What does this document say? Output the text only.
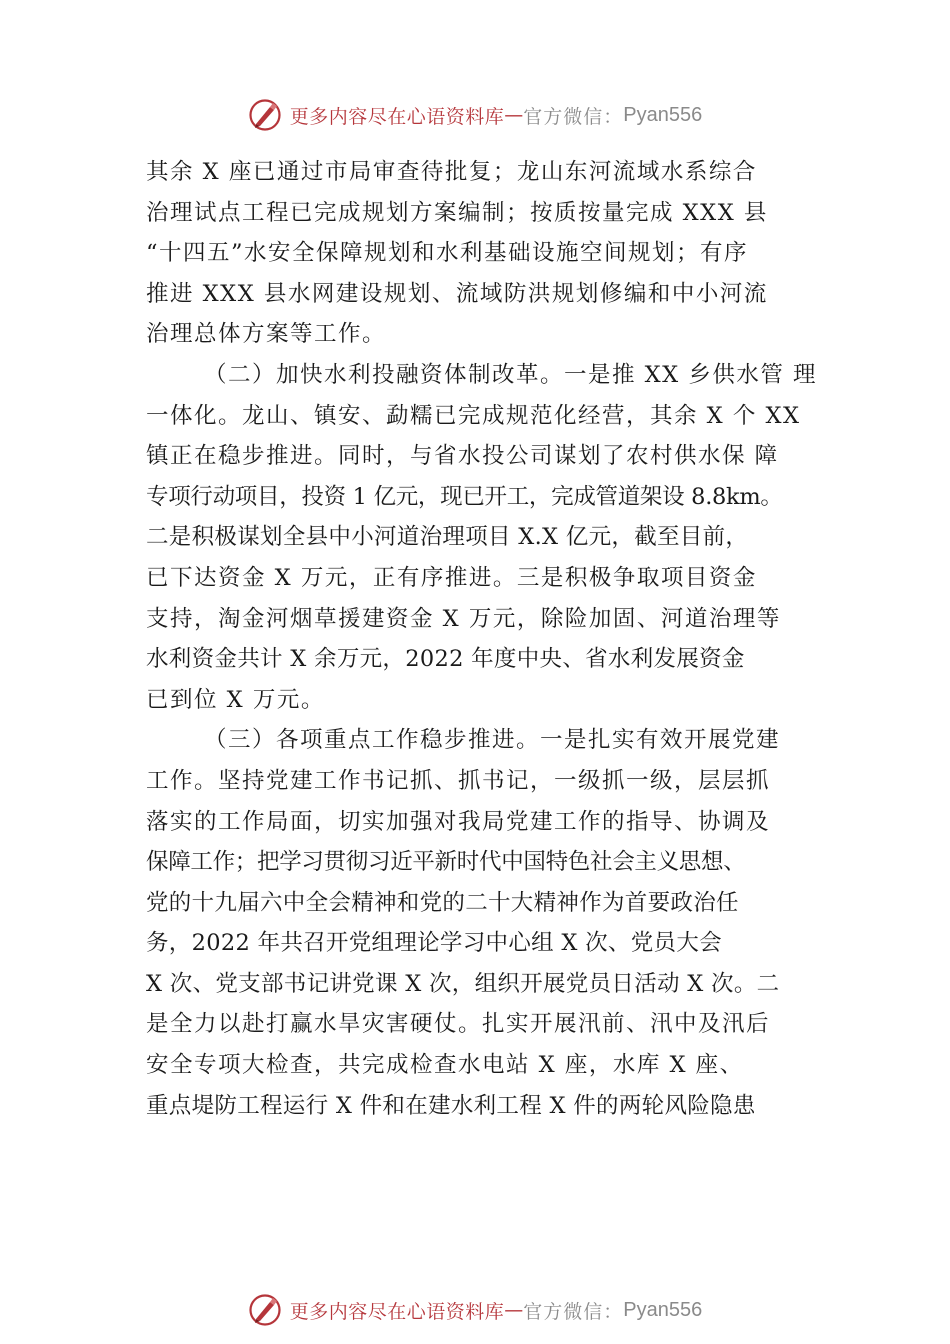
更多内容尽在心语资料库 — 官方微信： Pyan556
其余 X 座已通过市局审查待批复；龙山东河流域水系综合
治理试点工程已完成规划方案编制；按质按量完成 XXX 县
“十四五”水安全保障规划和水利基础设施空间规划；有序
推进 XXX 县水网建设规划、流域防洪规划修编和中小河流
治理总体方案等工作。
（二）加快水利投融资体制改革。一是推 XX 乡供水管 理
一体化。龙山、镇安、勐糯已完成规范化经营，其余 X 个 XX
镇正在稳步推进。同时，与省水投公司谋划了农村供水保 障
专项行动项目，投资 1 亿元，现已开工，完成管道架设 8.8km。
二是积极谋划全县中小河道治理项目 X.X 亿元，截至目前，
已下达资金 X 万元，正有序推进。三是积极争取项目资金
支持，淘金河烟草援建资金 X 万元，除险加固、河道治理等
水利资金共计 X 余万元，2022 年度中央、省水利发展资金
已到位 X 万元。
（三）各项重点工作稳步推进。一是扎实有效开展党建
工作。坚持党建工作书记抓、抓书记，一级抓一级，层层抓
落实的工作局面，切实加强对我局党建工作的指导、协调及
保障工作；把学习贯彻习近平新时代中国特色社会主义思想、
党的十九届六中全会精神和党的二十大精神作为首要政治任
务，2022 年共召开党组理论学习中心组 X 次、党员大会
X 次、党支部书记讲党课 X 次，组织开展党员日活动 X 次。二
是全力以赴打赢水旱灾害硬仗。扎实开展汛前、汛中及汛后
安全专项大检查，共完成检查水电站 X 座，水库 X 座、
重点堤防工程运行 X 件和在建水利工程 X 件的两轮风险隐患
更多内容尽在心语资料库 — 官方微信： Pyan556
